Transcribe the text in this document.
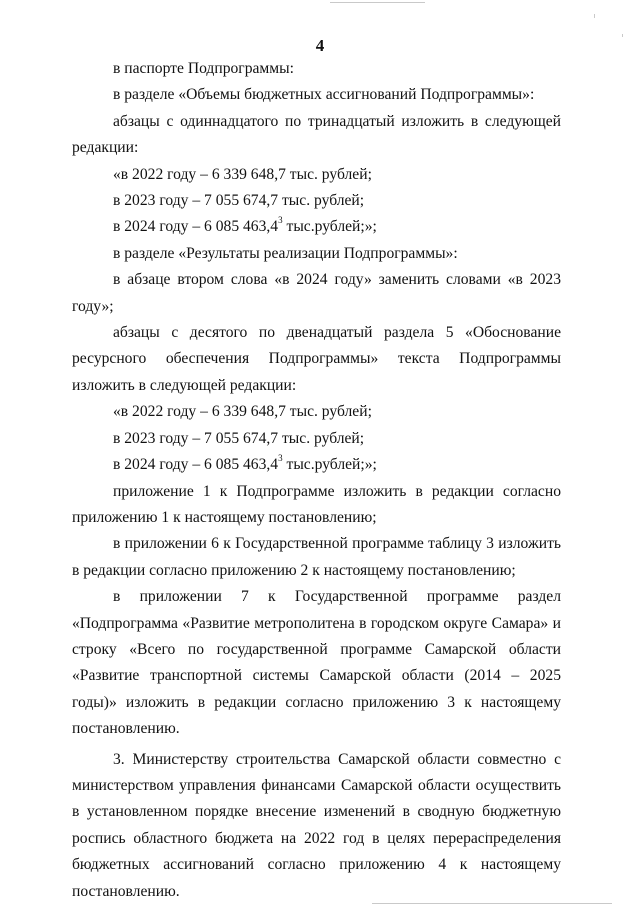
4

в паспорте Подпрограммы:

в разделе «Объемы бюджетных ассигнований Подпрограммы»:

абзацы с одиннадцатого по тринадцатый изложить в следующей редакции:

«в 2022 году – 6 339 648,7 тыс. рублей;

в 2023 году – 7 055 674,7 тыс. рублей;

в 2024 году – 6 085 463,4$^3$ тыс.рублей;»;

в разделе «Результаты реализации Подпрограммы»:

в абзаце втором слова «в 2024 году» заменить словами «в 2023 году»;

абзацы с десятого по двенадцатый раздела 5 «Обоснование ресурсного обеспечения Подпрограммы» текста Подпрограммы изложить в следующей редакции:

«в 2022 году – 6 339 648,7 тыс. рублей;

в 2023 году – 7 055 674,7 тыс. рублей;

в 2024 году – 6 085 463,4$^3$ тыс.рублей;»;

приложение 1 к Подпрограмме изложить в редакции согласно приложению 1 к настоящему постановлению;

в приложении 6 к Государственной программе таблицу 3 изложить в редакции согласно приложению 2 к настоящему постановлению;

в приложении 7 к Государственной программе раздел «Подпрограмма «Развитие метрополитена в городском округе Самара» и строку «Всего по государственной программе Самарской области «Развитие транспортной системы Самарской области (2014 – 2025 годы)» изложить в редакции согласно приложению 3 к настоящему постановлению.

3. Министерству строительства Самарской области совместно с министерством управления финансами Самарской области осуществить в установленном порядке внесение изменений в сводную бюджетную роспись областного бюджета на 2022 год в целях перераспределения бюджетных ассигнований согласно приложению 4 к настоящему постановлению.
